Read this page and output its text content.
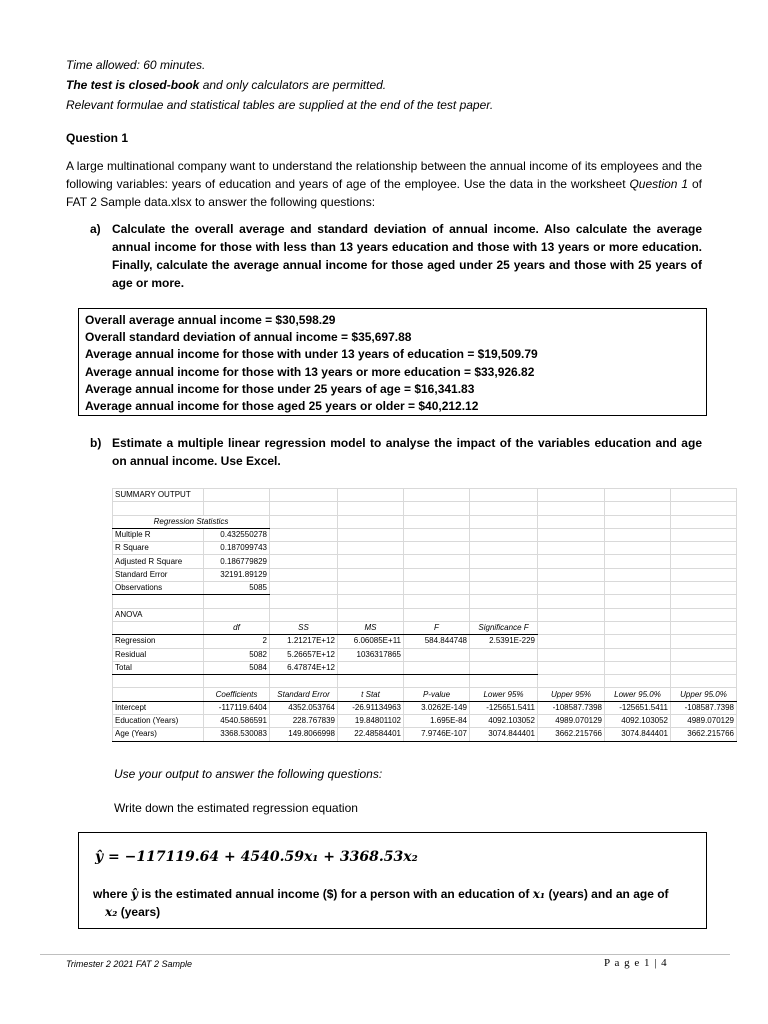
Time allowed: 60 minutes.
The test is closed-book and only calculators are permitted.
Relevant formulae and statistical tables are supplied at the end of the test paper.
Question 1
A large multinational company want to understand the relationship between the annual income of its employees and the following variables: years of education and years of age of the employee. Use the data in the worksheet Question 1 of FAT 2 Sample data.xlsx to answer the following questions:
a) Calculate the overall average and standard deviation of annual income. Also calculate the average annual income for those with less than 13 years education and those with 13 years or more education. Finally, calculate the average annual income for those aged under 25 years and those with 25 years of age or more.
Overall average annual income = $30,598.29
Overall standard deviation of annual income = $35,697.88
Average annual income for those with under 13 years of education = $19,509.79
Average annual income for those with 13 years or more education = $33,926.82
Average annual income for those under 25 years of age = $16,341.83
Average annual income for those aged 25 years or older = $40,212.12
b) Estimate a multiple linear regression model to analyse the impact of the variables education and age on annual income. Use Excel.
SUMMARY OUTPUT								

Regression Statistics								
Multiple R	0.432550278							
R Square	0.187099743							
Adjusted R Square	0.186779829							
Standard Error	32191.89129							
Observations	5085							

ANOVA								
	df	SS	MS	F	Significance F			
Regression	2	1.21217E+12	6.06085E+11	584.844748	2.5391E-229			
Residual	5082	5.26657E+12	1036317865					
Total	5084	6.47874E+12						

	Coefficients	Standard Error	t Stat	P-value	Lower 95%	Upper 95%	Lower 95.0%	Upper 95.0%
Intercept	-117119.6404	4352.053764	-26.91134963	3.0262E-149	-125651.5411	-108587.7398	-125651.5411	-108587.7398
Education (Years)	4540.586591	228.767839	19.84801102	1.695E-84	4092.103052	4989.070129	4092.103052	4989.070129
Age (Years)	3368.530083	149.8066998	22.48584401	7.9746E-107	3074.844401	3662.215766	3074.844401	3662.215766
Use your output to answer the following questions:
Write down the estimated regression equation
ŷ = −117119.64 + 4540.59x₁ + 3368.53x₂
where ŷ is the estimated annual income ($) for a person with an education of x₁ (years) and an age of
x₂ (years)
Trimester 2 2021 FAT 2 Sample	P a g e 1 | 4
